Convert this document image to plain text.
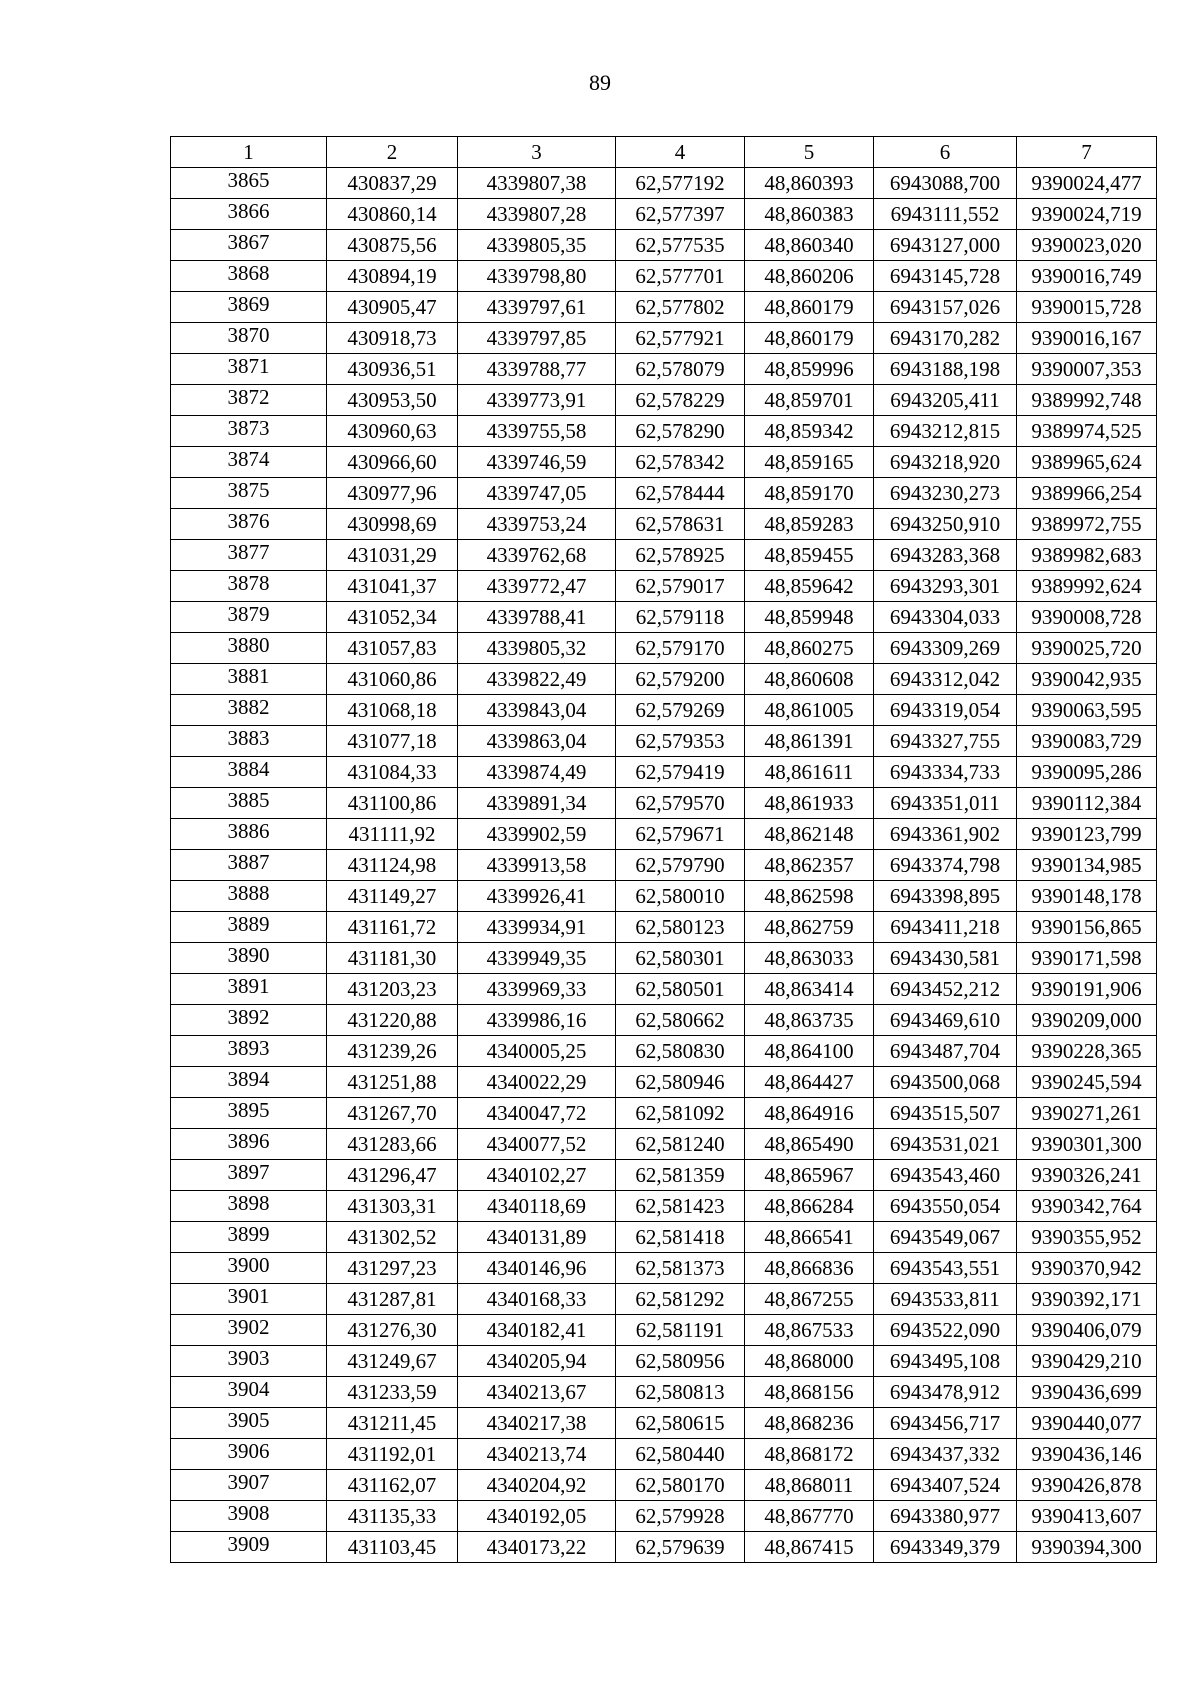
89
1	2	3	4	5	6	7
3865	430837,29	4339807,38	62,577192	48,860393	6943088,700	9390024,477
3866	430860,14	4339807,28	62,577397	48,860383	6943111,552	9390024,719
3867	430875,56	4339805,35	62,577535	48,860340	6943127,000	9390023,020
3868	430894,19	4339798,80	62,577701	48,860206	6943145,728	9390016,749
3869	430905,47	4339797,61	62,577802	48,860179	6943157,026	9390015,728
3870	430918,73	4339797,85	62,577921	48,860179	6943170,282	9390016,167
3871	430936,51	4339788,77	62,578079	48,859996	6943188,198	9390007,353
3872	430953,50	4339773,91	62,578229	48,859701	6943205,411	9389992,748
3873	430960,63	4339755,58	62,578290	48,859342	6943212,815	9389974,525
3874	430966,60	4339746,59	62,578342	48,859165	6943218,920	9389965,624
3875	430977,96	4339747,05	62,578444	48,859170	6943230,273	9389966,254
3876	430998,69	4339753,24	62,578631	48,859283	6943250,910	9389972,755
3877	431031,29	4339762,68	62,578925	48,859455	6943283,368	9389982,683
3878	431041,37	4339772,47	62,579017	48,859642	6943293,301	9389992,624
3879	431052,34	4339788,41	62,579118	48,859948	6943304,033	9390008,728
3880	431057,83	4339805,32	62,579170	48,860275	6943309,269	9390025,720
3881	431060,86	4339822,49	62,579200	48,860608	6943312,042	9390042,935
3882	431068,18	4339843,04	62,579269	48,861005	6943319,054	9390063,595
3883	431077,18	4339863,04	62,579353	48,861391	6943327,755	9390083,729
3884	431084,33	4339874,49	62,579419	48,861611	6943334,733	9390095,286
3885	431100,86	4339891,34	62,579570	48,861933	6943351,011	9390112,384
3886	431111,92	4339902,59	62,579671	48,862148	6943361,902	9390123,799
3887	431124,98	4339913,58	62,579790	48,862357	6943374,798	9390134,985
3888	431149,27	4339926,41	62,580010	48,862598	6943398,895	9390148,178
3889	431161,72	4339934,91	62,580123	48,862759	6943411,218	9390156,865
3890	431181,30	4339949,35	62,580301	48,863033	6943430,581	9390171,598
3891	431203,23	4339969,33	62,580501	48,863414	6943452,212	9390191,906
3892	431220,88	4339986,16	62,580662	48,863735	6943469,610	9390209,000
3893	431239,26	4340005,25	62,580830	48,864100	6943487,704	9390228,365
3894	431251,88	4340022,29	62,580946	48,864427	6943500,068	9390245,594
3895	431267,70	4340047,72	62,581092	48,864916	6943515,507	9390271,261
3896	431283,66	4340077,52	62,581240	48,865490	6943531,021	9390301,300
3897	431296,47	4340102,27	62,581359	48,865967	6943543,460	9390326,241
3898	431303,31	4340118,69	62,581423	48,866284	6943550,054	9390342,764
3899	431302,52	4340131,89	62,581418	48,866541	6943549,067	9390355,952
3900	431297,23	4340146,96	62,581373	48,866836	6943543,551	9390370,942
3901	431287,81	4340168,33	62,581292	48,867255	6943533,811	9390392,171
3902	431276,30	4340182,41	62,581191	48,867533	6943522,090	9390406,079
3903	431249,67	4340205,94	62,580956	48,868000	6943495,108	9390429,210
3904	431233,59	4340213,67	62,580813	48,868156	6943478,912	9390436,699
3905	431211,45	4340217,38	62,580615	48,868236	6943456,717	9390440,077
3906	431192,01	4340213,74	62,580440	48,868172	6943437,332	9390436,146
3907	431162,07	4340204,92	62,580170	48,868011	6943407,524	9390426,878
3908	431135,33	4340192,05	62,579928	48,867770	6943380,977	9390413,607
3909	431103,45	4340173,22	62,579639	48,867415	6943349,379	9390394,300
